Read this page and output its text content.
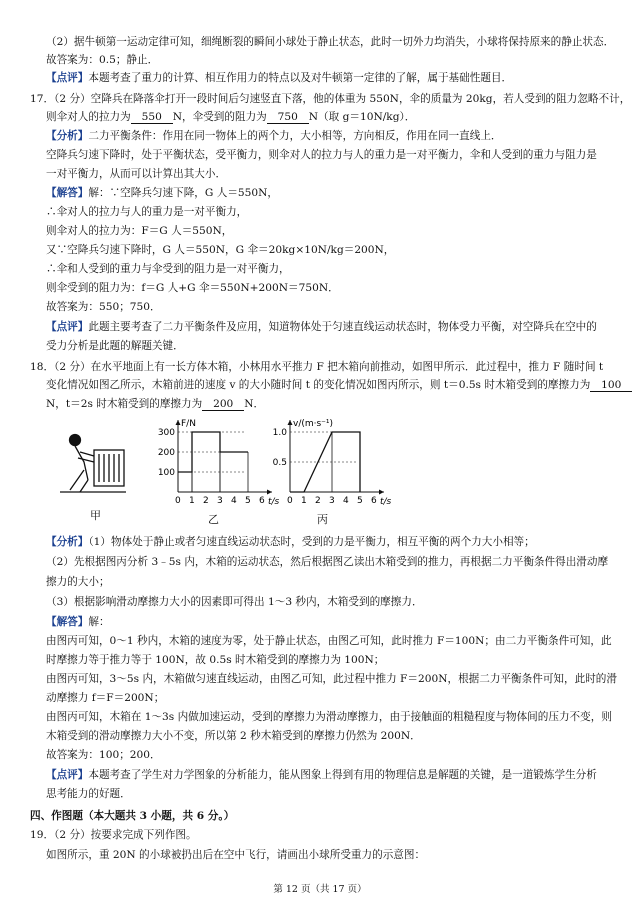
（2）据牛顿第一运动定律可知，细绳断裂的瞬间小球处于静止状态，此时一切外力均消失，小球将保持原来的静止状态．
故答案为：0.5；静止．
【点评】本题考查了重力的计算、相互作用力的特点以及对牛顿第一定律的了解，属于基础性题目．
17．（2 分）空降兵在降落伞打开一段时间后匀速竖直下落，他的体重为 550N，伞的质量为 20kg，若人受到的阻力忽略不计，
则伞对人的拉力为 550 N，伞受到的阻力为 750 N（取 g＝10N/kg）．
【分析】二力平衡条件：作用在同一物体上的两个力，大小相等，方向相反，作用在同一直线上．
空降兵匀速下降时，处于平衡状态，受平衡力，则伞对人的拉力与人的重力是一对平衡力，伞和人受到的重力与阻力是
一对平衡力，从而可以计算出其大小．
【解答】解：∵空降兵匀速下降，G 人＝550N，
∴伞对人的拉力与人的重力是一对平衡力，
则伞对人的拉力为：F＝G 人＝550N，
又∵空降兵匀速下降时，G 人＝550N，G 伞＝20kg×10N/kg＝200N，
∴伞和人受到的重力与伞受到的阻力是一对平衡力，
则伞受到的阻力为：f＝G 人+G 伞＝550N+200N＝750N．
故答案为：550；750．
【点评】此题主要考查了二力平衡条件及应用，知道物体处于匀速直线运动状态时，物体受力平衡，对空降兵在空中的
受力分析是此题的解题关键．
18．（2 分）在水平地面上有一长方体木箱，小林用水平推力 F 把木箱向前推动，如图甲所示．此过程中，推力 F 随时间 t
变化情况如图乙所示，木箱前进的速度 v 的大小随时间 t 的变化情况如图丙所示，则 t＝0.5s 时木箱受到的摩擦力为 100
N，t＝2s 时木箱受到的摩擦力为 200 N．
甲
F/N
t/s
0 1 2 3 4 5 6
100
200
300
乙
v/(m·s⁻¹)
t/s
0 1 2 3 4 5 6
0.5
1.0
丙
【分析】（1）物体处于静止或者匀速直线运动状态时，受到的力是平衡力，相互平衡的两个力大小相等；
（2）先根据图丙分析 3﹣5s 内，木箱的运动状态，然后根据图乙读出木箱受到的推力，再根据二力平衡条件得出滑动摩
擦力的大小；
（3）根据影响滑动摩擦力大小的因素即可得出 1～3 秒内，木箱受到的摩擦力．
【解答】解：
由图丙可知，0～1 秒内，木箱的速度为零，处于静止状态，由图乙可知，此时推力 F＝100N；由二力平衡条件可知，此
时摩擦力等于推力等于 100N，故 0.5s 时木箱受到的摩擦力为 100N；
由图丙可知，3～5s 内，木箱做匀速直线运动，由图乙可知，此过程中推力 F＝200N，根据二力平衡条件可知，此时的滑
动摩擦力 f＝F＝200N；
由图丙可知，木箱在 1～3s 内做加速运动，受到的摩擦力为滑动摩擦力，由于接触面的粗糙程度与物体间的压力不变，则
木箱受到的滑动摩擦力大小不变，所以第 2 秒木箱受到的摩擦力仍然为 200N．
故答案为：100；200．
【点评】本题考查了学生对力学图象的分析能力，能从图象上得到有用的物理信息是解题的关键，是一道锻炼学生分析
思考能力的好题．
四、作图题（本大题共 3 小题，共 6 分。）
19．（2 分）按要求完成下列作图。
如图所示，重 20N 的小球被扔出后在空中飞行，请画出小球所受重力的示意图：
第 12 页（共 17 页）
